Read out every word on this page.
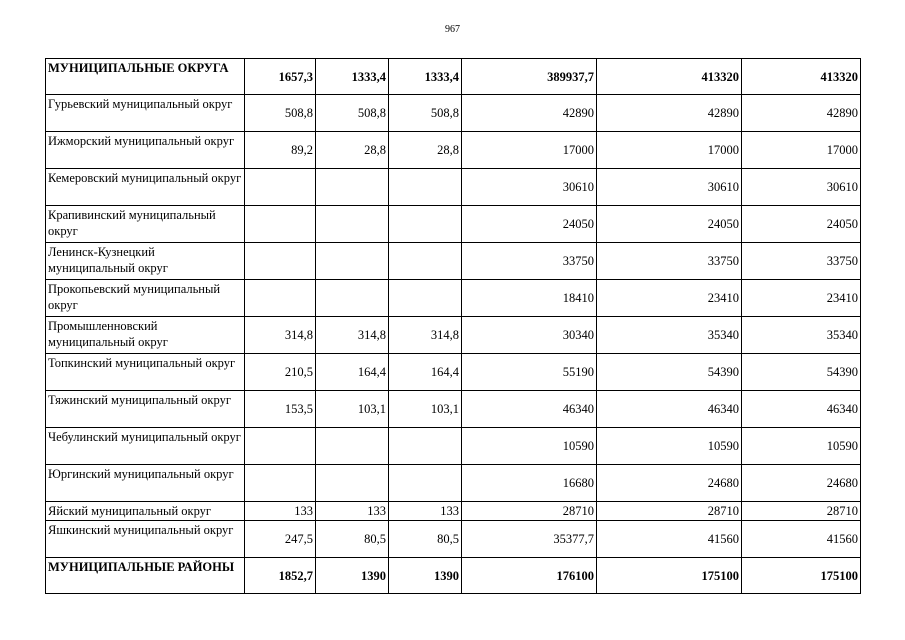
967
МУНИЦИПАЛЬНЫЕ ОКРУГА	1657,3	1333,4	1333,4	389937,7	413320	413320
Гурьевский муниципальный округ	508,8	508,8	508,8	42890	42890	42890
Ижморский муниципальный округ	89,2	28,8	28,8	17000	17000	17000
Кемеровский муниципальный округ				30610	30610	30610
Крапивинский муниципальный округ				24050	24050	24050
Ленинск-Кузнецкий муниципальный округ				33750	33750	33750
Прокопьевский муниципальный округ				18410	23410	23410
Промышленновский муниципальный округ	314,8	314,8	314,8	30340	35340	35340
Топкинский муниципальный округ	210,5	164,4	164,4	55190	54390	54390
Тяжинский муниципальный округ	153,5	103,1	103,1	46340	46340	46340
Чебулинский муниципальный округ				10590	10590	10590
Юргинский муниципальный округ				16680	24680	24680
Яйский муниципальный округ	133	133	133	28710	28710	28710
Яшкинский муниципальный округ	247,5	80,5	80,5	35377,7	41560	41560
МУНИЦИПАЛЬНЫЕ РАЙОНЫ	1852,7	1390	1390	176100	175100	175100
